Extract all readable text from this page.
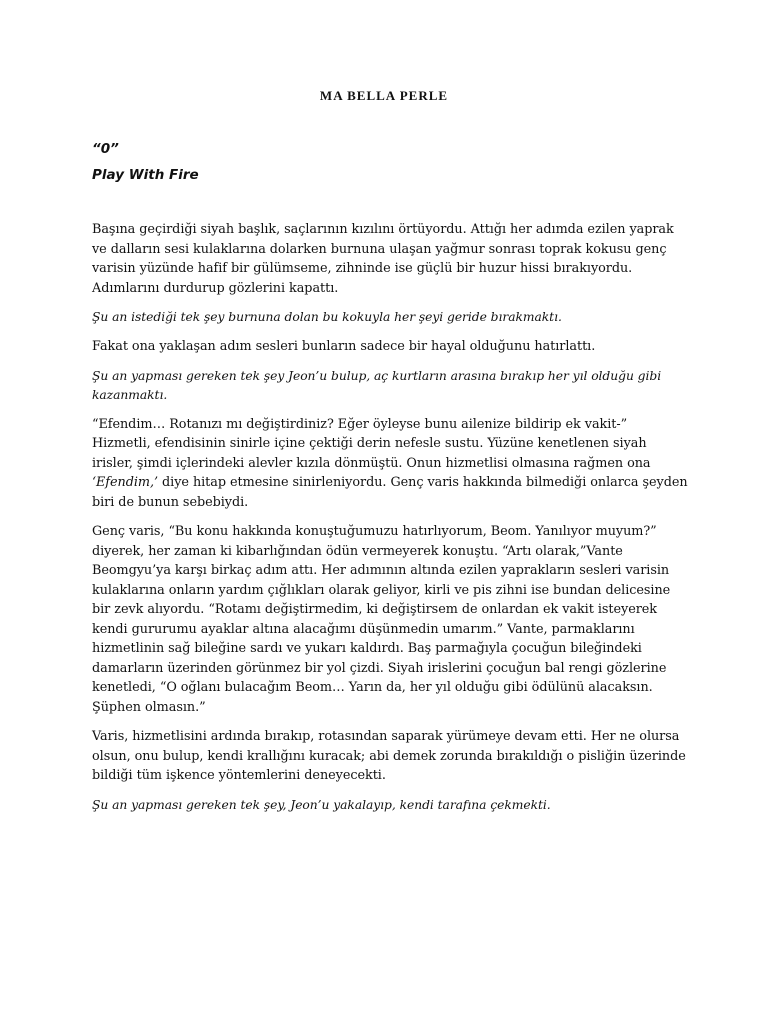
MA BELLA PERLE
“0”
Play With Fire

Başına geçirdiği siyah başlık, saçlarının kızılını örtüyordu. Attığı her adımda ezilen yaprak ve dalların sesi kulaklarına dolarken burnuna ulaşan yağmur sonrası toprak kokusu genç varisin yüzünde hafif bir gülümseme, zihninde ise güçlü bir huzur hissi bırakıyordu. Adımlarını durdurup gözlerini kapattı.

Şu an istediği tek şey burnuna dolan bu kokuyla her şeyi geride bırakmaktı.

Fakat ona yaklaşan adım sesleri bunların sadece bir hayal olduğunu hatırlattı.

Şu an yapması gereken tek şey Jeon’u bulup, aç kurtların arasına bırakıp her yıl olduğu gibi kazanmaktı.

“Efendim… Rotanızı mı değiştirdiniz? Eğer öyleyse bunu ailenize bildirip ek vakit-” Hizmetli, efendisinin sinirle içine çektiği derin nefesle sustu. Yüzüne kenetlenen siyah irisler, şimdi içlerindeki alevler kızıla dönmüştü. Onun hizmetlisi olmasına rağmen ona ‘Efendim,’ diye hitap etmesine sinirleniyordu. Genç varis hakkında bilmediği onlarca şeyden biri de bunun sebebiydi.

Genç varis, “Bu konu hakkında konuştuğumuzu hatırlıyorum, Beom. Yanılıyor muyum?” diyerek, her zaman ki kibarlığından ödün vermeyerek konuştu. “Artı olarak,”Vante Beomgyu’ya karşı birkaç adım attı. Her adımının altında ezilen yaprakların sesleri varisin kulaklarına onların yardım çığlıkları olarak geliyor, kirli ve pis zihni ise bundan delicesine bir zevk alıyordu. “Rotamı değiştirmedim, ki değiştirsem de onlardan ek vakit isteyerek kendi gururumu ayaklar altına alacağımı düşünmedin umarım.” Vante, parmaklarını hizmetlinin sağ bileğine sardı ve yukarı kaldırdı. Baş parmağıyla çocuğun bileğindeki damarların üzerinden görünmez bir yol çizdi. Siyah irislerini çocuğun bal rengi gözlerine kenetledi, “O oğlanı bulacağım Beom… Yarın da, her yıl olduğu gibi ödülünü alacaksın. Şüphen olmasın.”

Varis, hizmetlisini ardında bırakıp, rotasından saparak yürümeye devam etti. Her ne olursa olsun, onu bulup, kendi krallığını kuracak; abi demek zorunda bırakıldığı o pisliğin üzerinde bildiği tüm işkence yöntemlerini deneyecekti.

Şu an yapması gereken tek şey, Jeon’u yakalayıp, kendi tarafına çekmekti.
